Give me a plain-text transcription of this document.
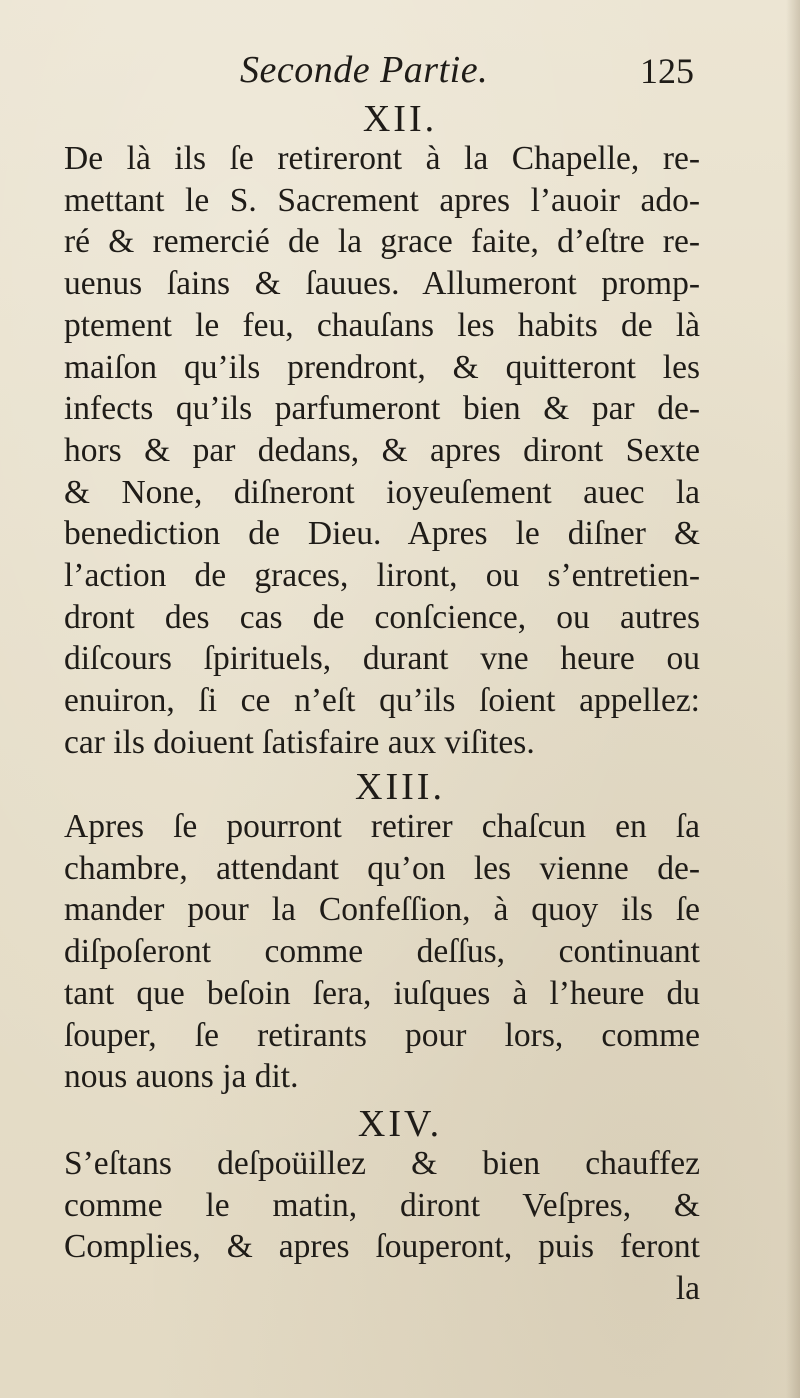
Seconde Partie.	125
XII.
De là ils ſe retireront à la Chapelle, re-
mettant le S. Sacrement apres l’auoir ado-
ré & remercié de la grace faite, d’eſtre re-
uenus ſains & ſauues. Allumeront promp-
ptement le feu, chauſans les habits de là
maiſon qu’ils prendront, & quitteront les
infects qu’ils parfumeront bien & par de-
hors & par dedans, & apres diront Sexte
& None, diſneront ioyeuſement auec la
benediction de Dieu. Apres le diſner &
l’action de graces, liront, ou s’entretien-
dront des cas de conſcience, ou autres
diſcours ſpirituels, durant vne heure ou
enuiron, ſi ce n’eſt qu’ils ſoient appellez:
car ils doiuent ſatisfaire aux viſites.
XIII.
Apres ſe pourront retirer chaſcun en ſa
chambre, attendant qu’on les vienne de-
mander pour la Confeſſion, à quoy ils ſe
diſpoſeront comme deſſus, continuant
tant que beſoin ſera, iuſques à l’heure du
ſouper, ſe retirants pour lors, comme
nous auons ja dit.
XIV.
S’eſtans deſpoüillez & bien chauffez
comme le matin, diront Veſpres, &
Complies, & apres ſouperont, puis feront
la
